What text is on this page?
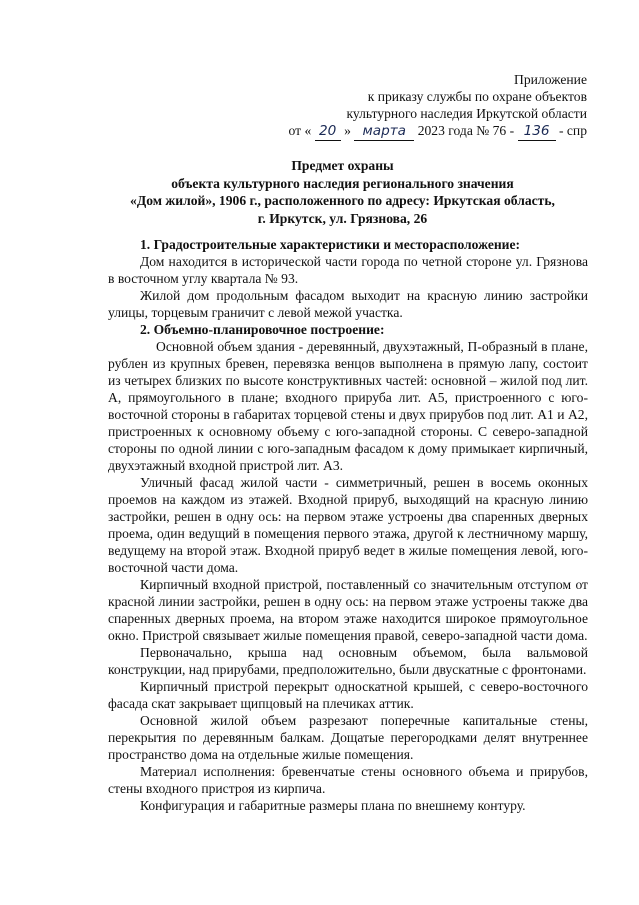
Приложение
к приказу службы по охране объектов
культурного наследия Иркутской области
от « 20 » марта 2023 года № 76 - 136 - спр
Предмет охраны
объекта культурного наследия регионального значения
«Дом жилой», 1906 г., расположенного по адресу: Иркутская область,
г. Иркутск, ул. Грязнова, 26

1. Градостроительные характеристики и месторасположение:

Дом находится в исторической части города по четной стороне ул. Грязнова в восточном углу квартала № 93.

Жилой дом продольным фасадом выходит на красную линию застройки улицы, торцевым граничит с левой межой участка.

2. Объемно-планировочное построение:

Основной объем здания - деревянный, двухэтажный, П-образный в плане, рублен из крупных бревен, перевязка венцов выполнена в прямую лапу, состоит из четырех близких по высоте конструктивных частей: основной – жилой под лит. А, прямоугольного в плане; входного прируба лит. А5, пристроенного с юго-восточной стороны в габаритах торцевой стены и двух прирубов под лит. А1 и А2, пристроенных к основному объему с юго-западной стороны. С северо-западной стороны по одной линии с юго-западным фасадом к дому примыкает кирпичный, двухэтажный входной пристрой лит. А3.

Уличный фасад жилой части - симметричный, решен в восемь оконных проемов на каждом из этажей. Входной прируб, выходящий на красную линию застройки, решен в одну ось: на первом этаже устроены два спаренных дверных проема, один ведущий в помещения первого этажа, другой к лестничному маршу, ведущему на второй этаж. Входной прируб ведет в жилые помещения левой, юго-восточной части дома.

Кирпичный входной пристрой, поставленный со значительным отступом от красной линии застройки, решен в одну ось: на первом этаже устроены также два спаренных дверных проема, на втором этаже находится широкое прямоугольное окно. Пристрой связывает жилые помещения правой, северо-западной части дома.

Первоначально, крыша над основным объемом, была вальмовой конструкции, над прирубами, предположительно, были двускатные с фронтонами.

Кирпичный пристрой перекрыт односкатной крышей, с северо-восточного фасада скат закрывает щипцовый на плечиках аттик.

Основной жилой объем разрезают поперечные капитальные стены, перекрытия по деревянным балкам. Дощатые перегородками делят внутреннее пространство дома на отдельные жилые помещения.

Материал исполнения: бревенчатые стены основного объема и прирубов, стены входного пристроя из кирпича.

Конфигурация и габаритные размеры плана по внешнему контуру.
